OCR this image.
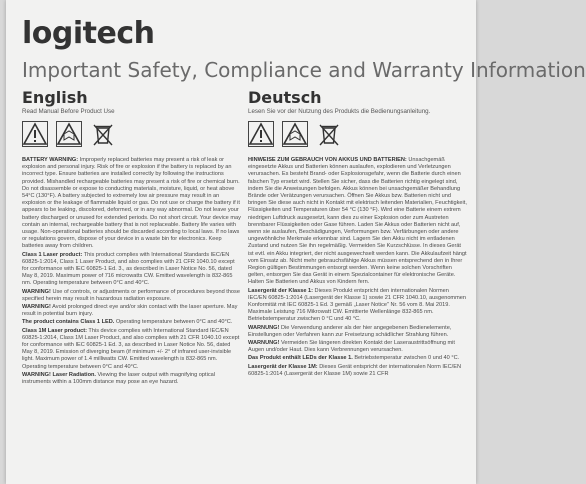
logitech
Important Safety, Compliance and Warranty Information
English
Read Manual Before Product Use

BATTERY WARNING: Improperly replaced batteries may present a risk of leak or explosion and personal injury. Risk of fire or explosion if the battery is replaced by an incorrect type. Ensure batteries are installed correctly by following the instructions provided. Mishandled rechargeable batteries may present a risk of fire or chemical burn. Do not disassemble or expose to conducting materials, moisture, liquid, or heat above 54°C (130°F). A battery subjected to extremely low air pressure may result in an explosion or the leakage of flammable liquid or gas. Do not use or charge the battery if it appears to be leaking, discolored, deformed, or in any way abnormal. Do not leave your battery discharged or unused for extended periods. Do not short circuit. Your device may contain an internal, rechargeable battery that is not replaceable. Battery life varies with usage. Non-operational batteries should be discarded according to local laws. If no laws or regulations govern, dispose of your device in a waste bin for electronics. Keep batteries away from children.

Class 1 Laser product: This product complies with International Standards IEC/EN 60825-1:2014, Class 1 Laser Product, and also complies with 21 CFR 1040.10 except for conformance with IEC 60825-1 Ed. 3., as described in Laser Notice No. 56, dated May 8, 2019. Maximum power of 716 microwatts CW. Emitted wavelength is 832-865 nm. Operating temperature between 0°C and 40°C.

WARNING! Use of controls, or adjustments or performance of procedures beyond those specified herein may result in hazardous radiation exposure.

WARNING! Avoid prolonged direct eye and/or skin contact with the laser aperture. May result in potential burn injury.

The product contains Class 1 LED. Operating temperature between 0°C and 40°C.

Class 1M Laser product: This device complies with International Standard IEC/EN 60825-1:2014, Class 1M Laser Product, and also complies with 21 CFR 1040.10 except for conformance with IEC 60825-1 Ed. 3, as described in Laser Notice No. 56, dated May 8, 2019. Emission of diverging beam (if minimum +/- 2° of infrared user-invisible light. Maximum power of 1.4 milliwatts CW. Emitted wavelength is 832-865 nm. Operating temperature between 0°C and 40°C.

WARNING! Laser Radiation. Viewing the laser output with magnifying optical instruments within a 100mm distance may pose an eye hazard.

Deutsch
Lesen Sie vor der Nutzung des Produkts die Bedienungsanleitung.

HINWEISE ZUM GEBRAUCH VON AKKUS UND BATTERIEN: Unsachgemäß eingesetzte Akkus und Batterien können auslaufen, explodieren und Verletzungen verursachen. Es besteht Brand- oder Explosionsgefahr, wenn die Batterie durch einen falschen Typ ersetzt wird. Stellen Sie sicher, dass die Batterien richtig eingelegt sind, indem Sie die Anweisungen befolgen. Akkus können bei unsachgemäßer Behandlung Brände oder Verätzungen verursachen. Öffnen Sie Akkus bzw. Batterien nicht und bringen Sie diese auch nicht in Kontakt mit elektrisch leitenden Materialien, Feuchtigkeit, Flüssigkeiten und Temperaturen über 54 °C (130 °F). Wird eine Batterie einem extrem niedrigen Luftdruck ausgesetzt, kann dies zu einer Explosion oder zum Austreten brennbarer Flüssigkeiten oder Gase führen. Laden Sie Akkus oder Batterien nicht auf, wenn sie auslaufen, Beschädigungen, Verformungen bzw. Verfärbungen oder andere ungewöhnliche Merkmale erkennbar sind. Lagern Sie den Akku nicht im entladenen Zustand und nutzen Sie ihn regelmäßig. Vermeiden Sie Kurzschlüsse. In dieses Gerät ist evtl. ein Akku integriert, der nicht ausgewechselt werden kann. Die Akkulaufzeit hängt vom Einsatz ab. Nicht mehr gebrauchsfähige Akkus müssen entsprechend den in Ihrer Region gültigen Bestimmungen entsorgt werden. Wenn keine solchen Vorschriften gelten, entsorgen Sie das Gerät in einem Spezialcontainer für elektronische Geräte. Halten Sie Batterien und Akkus von Kindern fern.

Lasergerät der Klasse 1: Dieses Produkt entspricht den internationalen Normen IEC/EN 60825-1:2014 (Lasergerät der Klasse 1) sowie 21 CFR 1040.10, ausgenommen Konformität mit IEC 60825-1 Ed. 3 gemäß „Laser Notice" Nr. 56 vom 8. Mai 2019. Maximale Leistung 716 Mikrowatt CW. Emittierte Wellenlänge 832-865 nm. Betriebstemperatur zwischen 0 °C und 40 °C.

WARNUNG! Die Verwendung anderer als der hier angegebenen Bedienelemente, Einstellungen oder Verfahren kann zur Freisetzung schädlicher Strahlung führen.

WARNUNG! Vermeiden Sie längeren direkten Kontakt der Laseraustrittsöffnung mit Augen und/oder Haut. Dies kann Verbrennungen verursachen.

Das Produkt enthält LEDs der Klasse 1. Betriebstemperatur zwischen 0 und 40 °C.

Lasergerät der Klasse 1M: Dieses Gerät entspricht der internationalen Norm IEC/EN 60825-1:2014 (Lasergerät der Klasse 1M) sowie 21 CFR
